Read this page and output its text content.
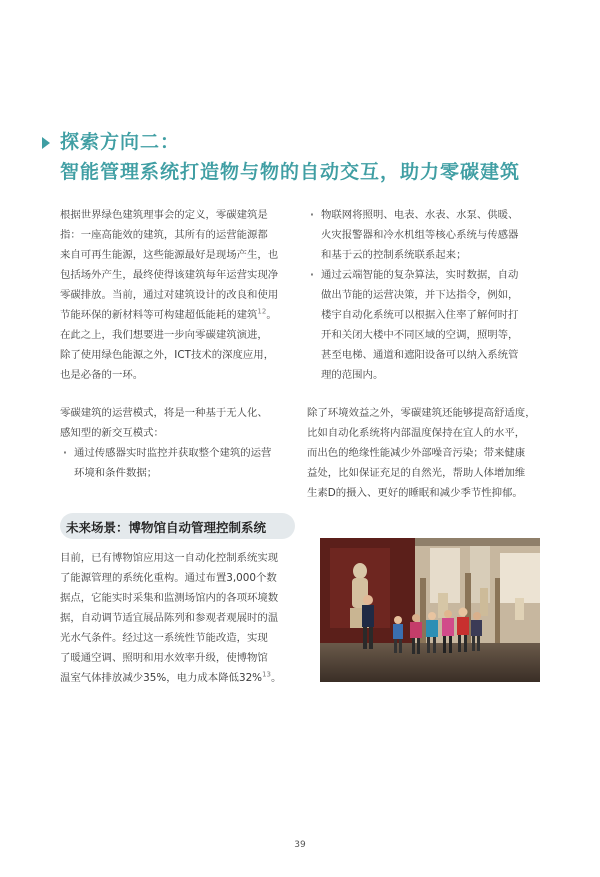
探索方向二：
智能管理系统打造物与物的自动交互，助力零碳建筑

根据世界绿色建筑理事会的定义，零碳建筑是
指：一座高能效的建筑，其所有的运营能源都
来自可再生能源，这些能源最好是现场产生，也
包括场外产生，最终使得该建筑每年运营实现净
零碳排放。当前，通过对建筑设计的改良和使用
节能环保的新材料等可构建超低能耗的建筑$^{12}$。

在此之上，我们想要进一步向零碳建筑演进，
除了使用绿色能源之外，ICT技术的深度应用，
也是必备的一环。

零碳建筑的运营模式，将是一种基于无人化、
感知型的新交互模式：

· 通过传感器实时监控并获取整个建筑的运营
环境和条件数据；

· 物联网将照明、电表、水表、水泵、供暖、
火灾报警器和冷水机组等核心系统与传感器
和基于云的控制系统联系起来；

· 通过云端智能的复杂算法，实时数据，自动
做出节能的运营决策，并下达指令，例如，
楼宇自动化系统可以根据入住率了解何时打
开和关闭大楼中不同区域的空调，照明等，
甚至电梯、通道和遮阳设备可以纳入系统管
理的范围内。

除了环境效益之外，零碳建筑还能够提高舒适度，
比如自动化系统将内部温度保持在宜人的水平，
而出色的绝缘性能减少外部噪音污染；带来健康
益处，比如保证充足的自然光，帮助人体增加维
生素D的摄入、更好的睡眠和减少季节性抑郁。

未来场景：博物馆自动管理控制系统

目前，已有博物馆应用这一自动化控制系统实现
了能源管理的系统化重构。通过布置3,000个数
据点，它能实时采集和监测场馆内的各项环境数
据，自动调节适宜展品陈列和参观者观展时的温
光水气条件。经过这一系统性节能改造，实现
了暖通空调、照明和用水效率升级，使博物馆
温室气体排放减少35%，电力成本降低32%$^{13}$。

39
